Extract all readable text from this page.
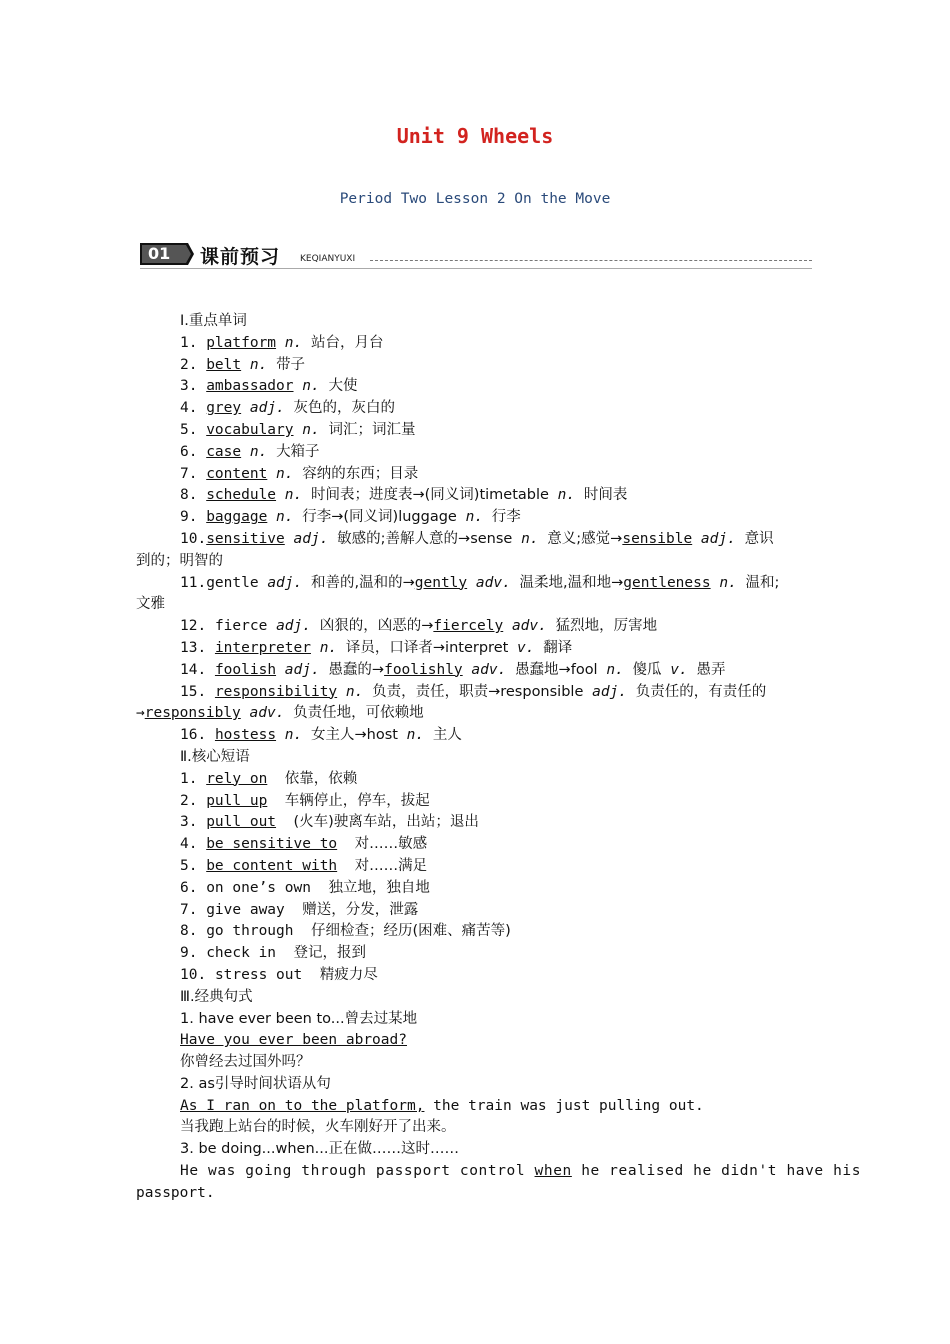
Unit 9 Wheels
Period Two Lesson 2 On the Move
01 课前预习 KEQIANYUXI
Ⅰ.重点单词
1. platform n. 站台，月台
2. belt n. 带子
3. ambassador n. 大使
4. grey adj. 灰色的，灰白的
5. vocabulary n. 词汇；词汇量
6. case n. 大箱子
7. content n. 容纳的东西；目录
8. schedule n. 时间表；进度表→(同义词)timetable n. 时间表
9. baggage n. 行李→(同义词)luggage n. 行李
10.sensitive adj. 敏感的;善解人意的→sense n. 意义;感觉→sensible adj. 意识
到的；明智的
11.gentle adj. 和善的,温和的→gently adv. 温柔地,温和地→gentleness n. 温和;
文雅
12. fierce adj. 凶狠的，凶恶的→fiercely adv. 猛烈地，厉害地
13. interpreter n. 译员，口译者→interpret v. 翻译
14. foolish adj. 愚蠢的→foolishly adv. 愚蠢地→fool n. 傻瓜 v. 愚弄
15. responsibility n. 负责，责任，职责→responsible adj. 负责任的，有责任的
→responsibly adv. 负责任地，可依赖地
16. hostess n. 女主人→host n. 主人
Ⅱ.核心短语
1. rely on 依靠，依赖
2. pull up 车辆停止，停车，拔起
3. pull out (火车)驶离车站，出站；退出
4. be sensitive to 对……敏感
5. be content with 对……满足
6. on one’s own 独立地，独自地
7. give away 赠送，分发，泄露
8. go through 仔细检查；经历(困难、痛苦等)
9. check in 登记，报到
10. stress out 精疲力尽
Ⅲ.经典句式
1. have ever been to...曾去过某地
Have you ever been abroad?
你曾经去过国外吗？
2. as引导时间状语从句
As I ran on to the platform, the train was just pulling out.
当我跑上站台的时候，火车刚好开了出来。
3. be doing...when...正在做……这时……
He was going through passport control when he realised he didn't have his
passport.
